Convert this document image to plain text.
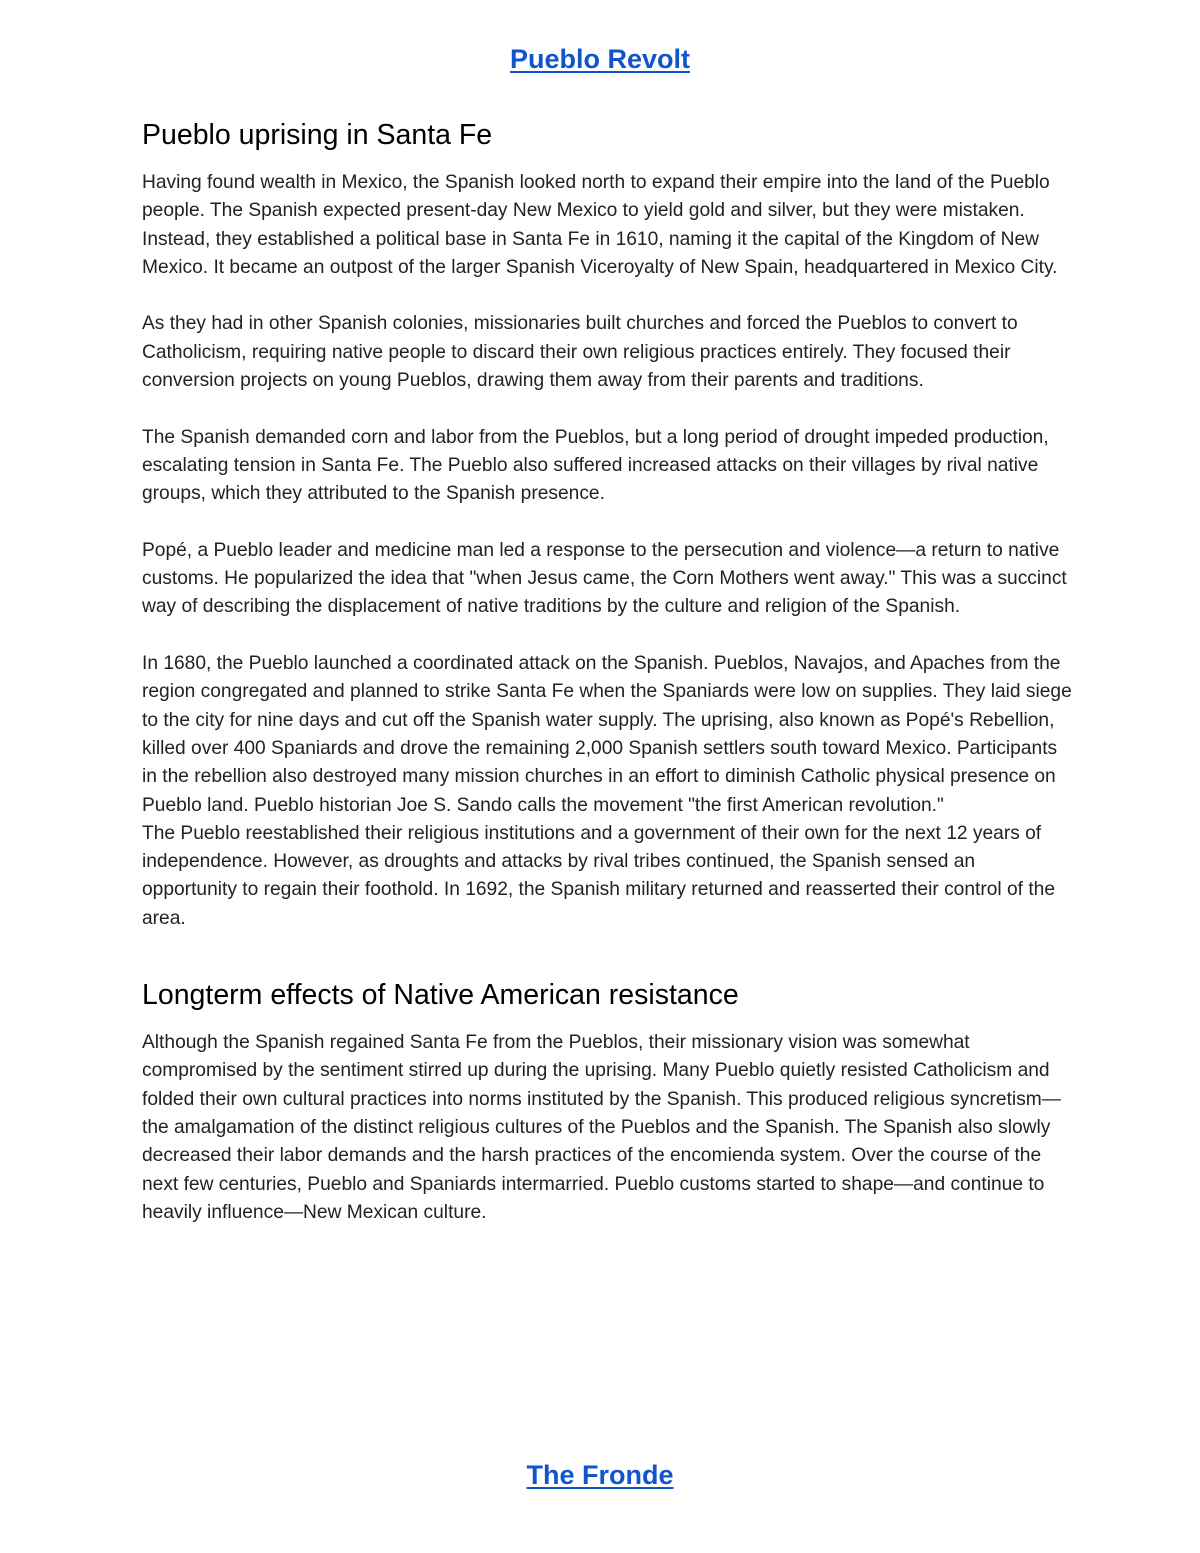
Pueblo Revolt
Pueblo uprising in Santa Fe

Having found wealth in Mexico, the Spanish looked north to expand their empire into the land of the Pueblo people. The Spanish expected present-day New Mexico to yield gold and silver, but they were mistaken. Instead, they established a political base in Santa Fe in 1610, naming it the capital of the Kingdom of New Mexico. It became an outpost of the larger Spanish Viceroyalty of New Spain, headquartered in Mexico City.

As they had in other Spanish colonies, missionaries built churches and forced the Pueblos to convert to Catholicism, requiring native people to discard their own religious practices entirely. They focused their conversion projects on young Pueblos, drawing them away from their parents and traditions.

The Spanish demanded corn and labor from the Pueblos, but a long period of drought impeded production, escalating tension in Santa Fe. The Pueblo also suffered increased attacks on their villages by rival native groups, which they attributed to the Spanish presence.

Popé, a Pueblo leader and medicine man led a response to the persecution and violence—a return to native customs. He popularized the idea that "when Jesus came, the Corn Mothers went away." This was a succinct way of describing the displacement of native traditions by the culture and religion of the Spanish.

In 1680, the Pueblo launched a coordinated attack on the Spanish. Pueblos, Navajos, and Apaches from the region congregated and planned to strike Santa Fe when the Spaniards were low on supplies. They laid siege to the city for nine days and cut off the Spanish water supply. The uprising, also known as Popé's Rebellion, killed over 400 Spaniards and drove the remaining 2,000 Spanish settlers south toward Mexico. Participants in the rebellion also destroyed many mission churches in an effort to diminish Catholic physical presence on Pueblo land. Pueblo historian Joe S. Sando calls the movement "the first American revolution."

The Pueblo reestablished their religious institutions and a government of their own for the next 12 years of independence. However, as droughts and attacks by rival tribes continued, the Spanish sensed an opportunity to regain their foothold. In 1692, the Spanish military returned and reasserted their control of the area.

Longterm effects of Native American resistance

Although the Spanish regained Santa Fe from the Pueblos, their missionary vision was somewhat compromised by the sentiment stirred up during the uprising. Many Pueblo quietly resisted Catholicism and folded their own cultural practices into norms instituted by the Spanish. This produced religious syncretism—the amalgamation of the distinct religious cultures of the Pueblos and the Spanish. The Spanish also slowly decreased their labor demands and the harsh practices of the encomienda system. Over the course of the next few centuries, Pueblo and Spaniards intermarried. Pueblo customs started to shape—and continue to heavily influence—New Mexican culture.

The Fronde
